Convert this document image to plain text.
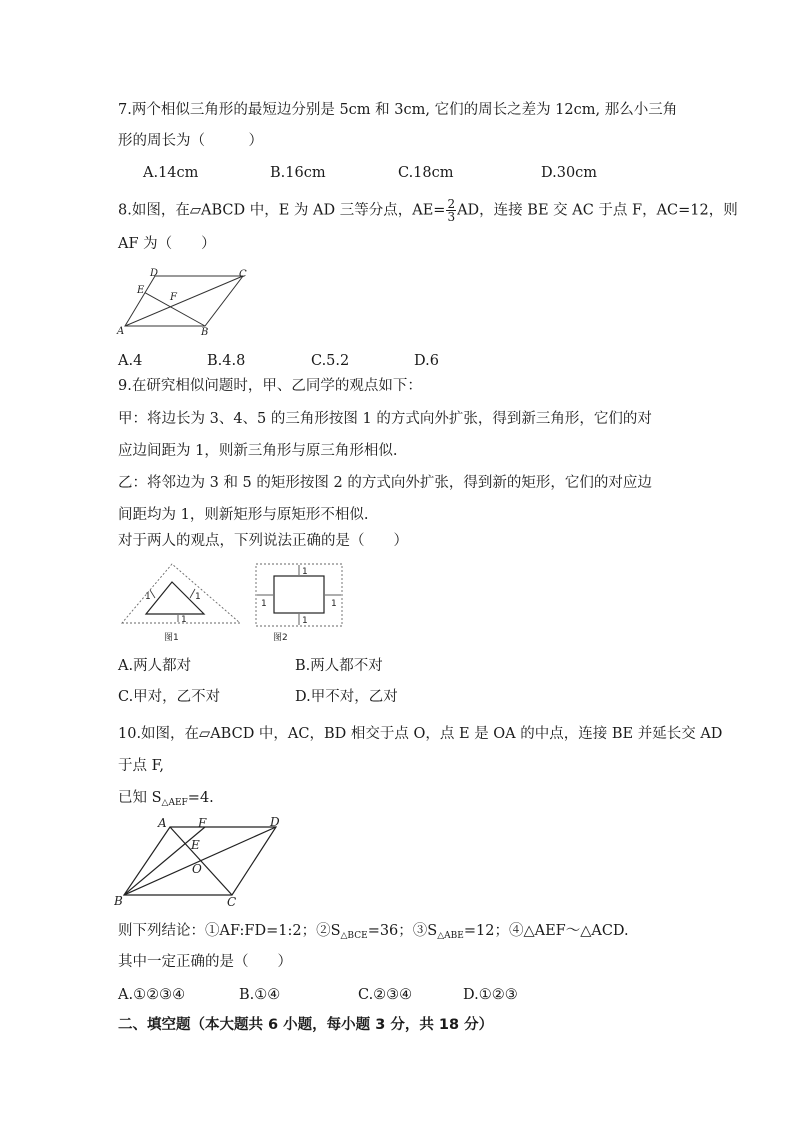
7.两个相似三角形的最短边分别是 5cm 和 3cm, 它们的周长之差为 12cm, 那么小三角
形的周长为（　　　）
A.14cm	B.16cm	C.18cm	D.30cm
8.如图，在▱ABCD 中，E 为 AD 三等分点，$AE= \frac{2}{3}$ AD，连接 BE 交 AC 于点 F，AC=12，则
AF 为（　　）
A	B
C
D
E
F
A.4	B.4.8	C.5.2	D.6
9.在研究相似问题时，甲、乙同学的观点如下：
甲：将边长为 3、4、5 的三角形按图 1 的方式向外扩张，得到新三角形，它们的对
应边间距为 1，则新三角形与原三角形相似.
乙：将邻边为 3 和 5 的矩形按图 2 的方式向外扩张，得到新的矩形，它们的对应边
间距均为 1，则新矩形与原矩形不相似.
对于两人的观点，下列说法正确的是（　　）
1	1
1
图1
1
1
1	1
图2
A.两人都对	B.两人都不对
C.甲对，乙不对	D.甲不对，乙对
10.如图，在▱ABCD 中，AC，BD 相交于点 O，点 E 是 OA 的中点，连接 BE 并延长交 AD
于点 F,
已知 $S_{\triangle AEF}=4$.
A
B	C
D
E
F
O
则下列结论：①AF:FD=1:2；$②S_{\triangle BCE}=36$；$③S_{\triangle ABE}=12$；④△AEF～△ACD.
其中一定正确的是（　　）
A.①②③④	B.①④	C.②③④	D.①②③
二、填空题（本大题共 6 小题，每小题 3 分，共 18 分）
